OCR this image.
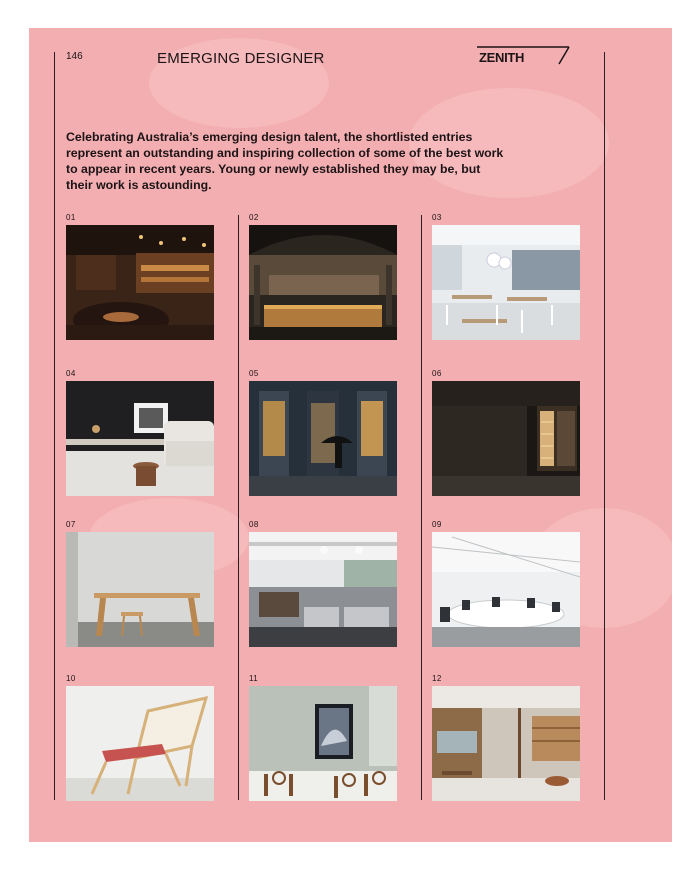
146	EMERGING DESIGNER	ZENITH
Celebrating Australia’s emerging design talent, the shortlisted entries represent an outstanding and inspiring collection of some of the best work to appear in recent years. Young or newly established they may be, but their work is astounding.
01	02	03
04	05	06
07	08	09
10	11	12
